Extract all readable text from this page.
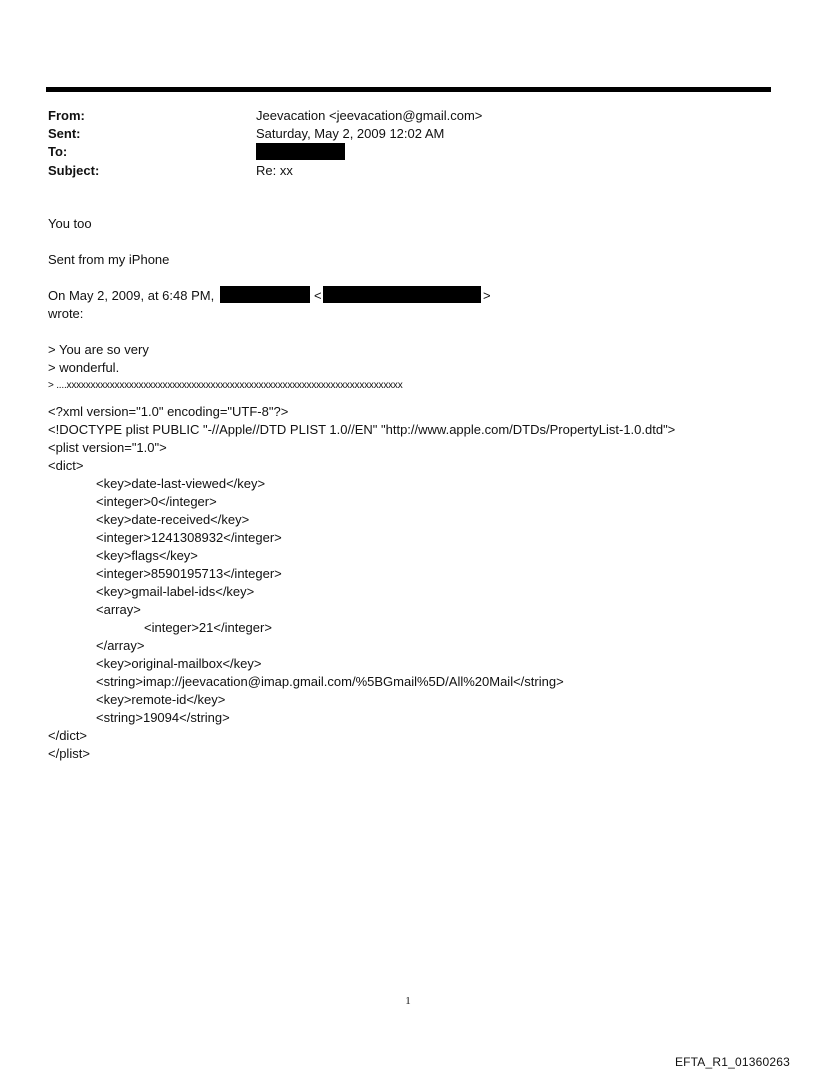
From:	Jeevacation <jeevacation@gmail.com>
Sent:	Saturday, May 2, 2009 12:02 AM
To:
Subject:	Re: xx
You too
Sent from my iPhone
On May 2, 2009, at 6:48 PM,	<	>
wrote:
> You are so very
> wonderful.
> ....xxxxxxxxxxxxxxxxxxxxxxxxxxxxxxxxxxxxxxxxxxxxxxxxxxxxxxxxxxxxxxxxxxxxxx
<?xml version="1.0" encoding="UTF-8"?>
<!DOCTYPE plist PUBLIC "-//Apple//DTD PLIST 1.0//EN" "http://www.apple.com/DTDs/PropertyList-1.0.dtd">
<plist version="1.0">
<dict>
<key>date-last-viewed</key>
<integer>0</integer>
<key>date-received</key>
<integer>1241308932</integer>
<key>flags</key>
<integer>8590195713</integer>
<key>gmail-label-ids</key>
<array>
<integer>21</integer>
</array>
<key>original-mailbox</key>
<string>imap://jeevacation@imap.gmail.com/%5BGmail%5D/All%20Mail</string>
<key>remote-id</key>
<string>19094</string>
</dict>
</plist>
1
EFTA_R1_01360263
